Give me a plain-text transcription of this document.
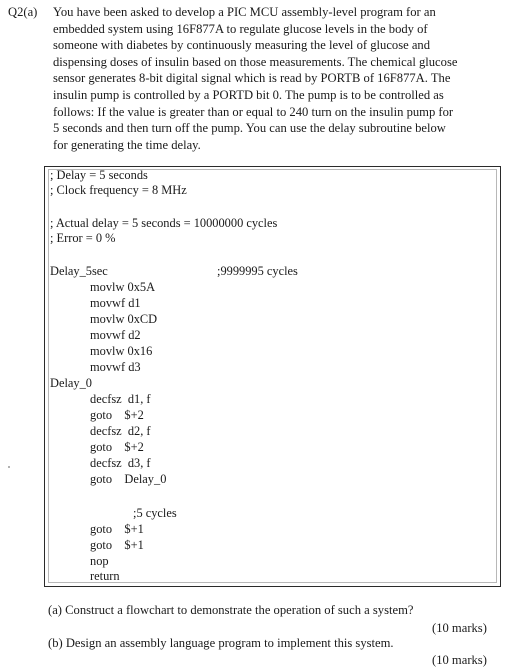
Q2(a) You have been asked to develop a PIC MCU assembly-level program for an
embedded system using 16F877A to regulate glucose levels in the body of
someone with diabetes by continuously measuring the level of glucose and
dispensing doses of insulin based on those measurements. The chemical glucose
sensor generates 8-bit digital signal which is read by PORTB of 16F877A. The
insulin pump is controlled by a PORTD bit 0. The pump is to be controlled as
follows: If the value is greater than or equal to 240 turn on the insulin pump for
5 seconds and then turn off the pump. You can use the delay subroutine below
for generating the time delay.
; Delay = 5 seconds
; Clock frequency = 8 MHz
; Actual delay = 5 seconds = 10000000 cycles
; Error = 0 %
Delay_5sec	;9999995 cycles
movlw 0x5A
movwf d1
movlw 0xCD
movwf d2
movlw 0x16
movwf d3
Delay_0
decfsz  d1, f
goto    $+2
decfsz  d2, f
goto    $+2
decfsz  d3, f
goto    Delay_0
;5 cycles
goto    $+1
goto    $+1
nop
return
(a) Construct a flowchart to demonstrate the operation of such a system?
(10 marks)
(b) Design an assembly language program to implement this system.
(10 marks)
